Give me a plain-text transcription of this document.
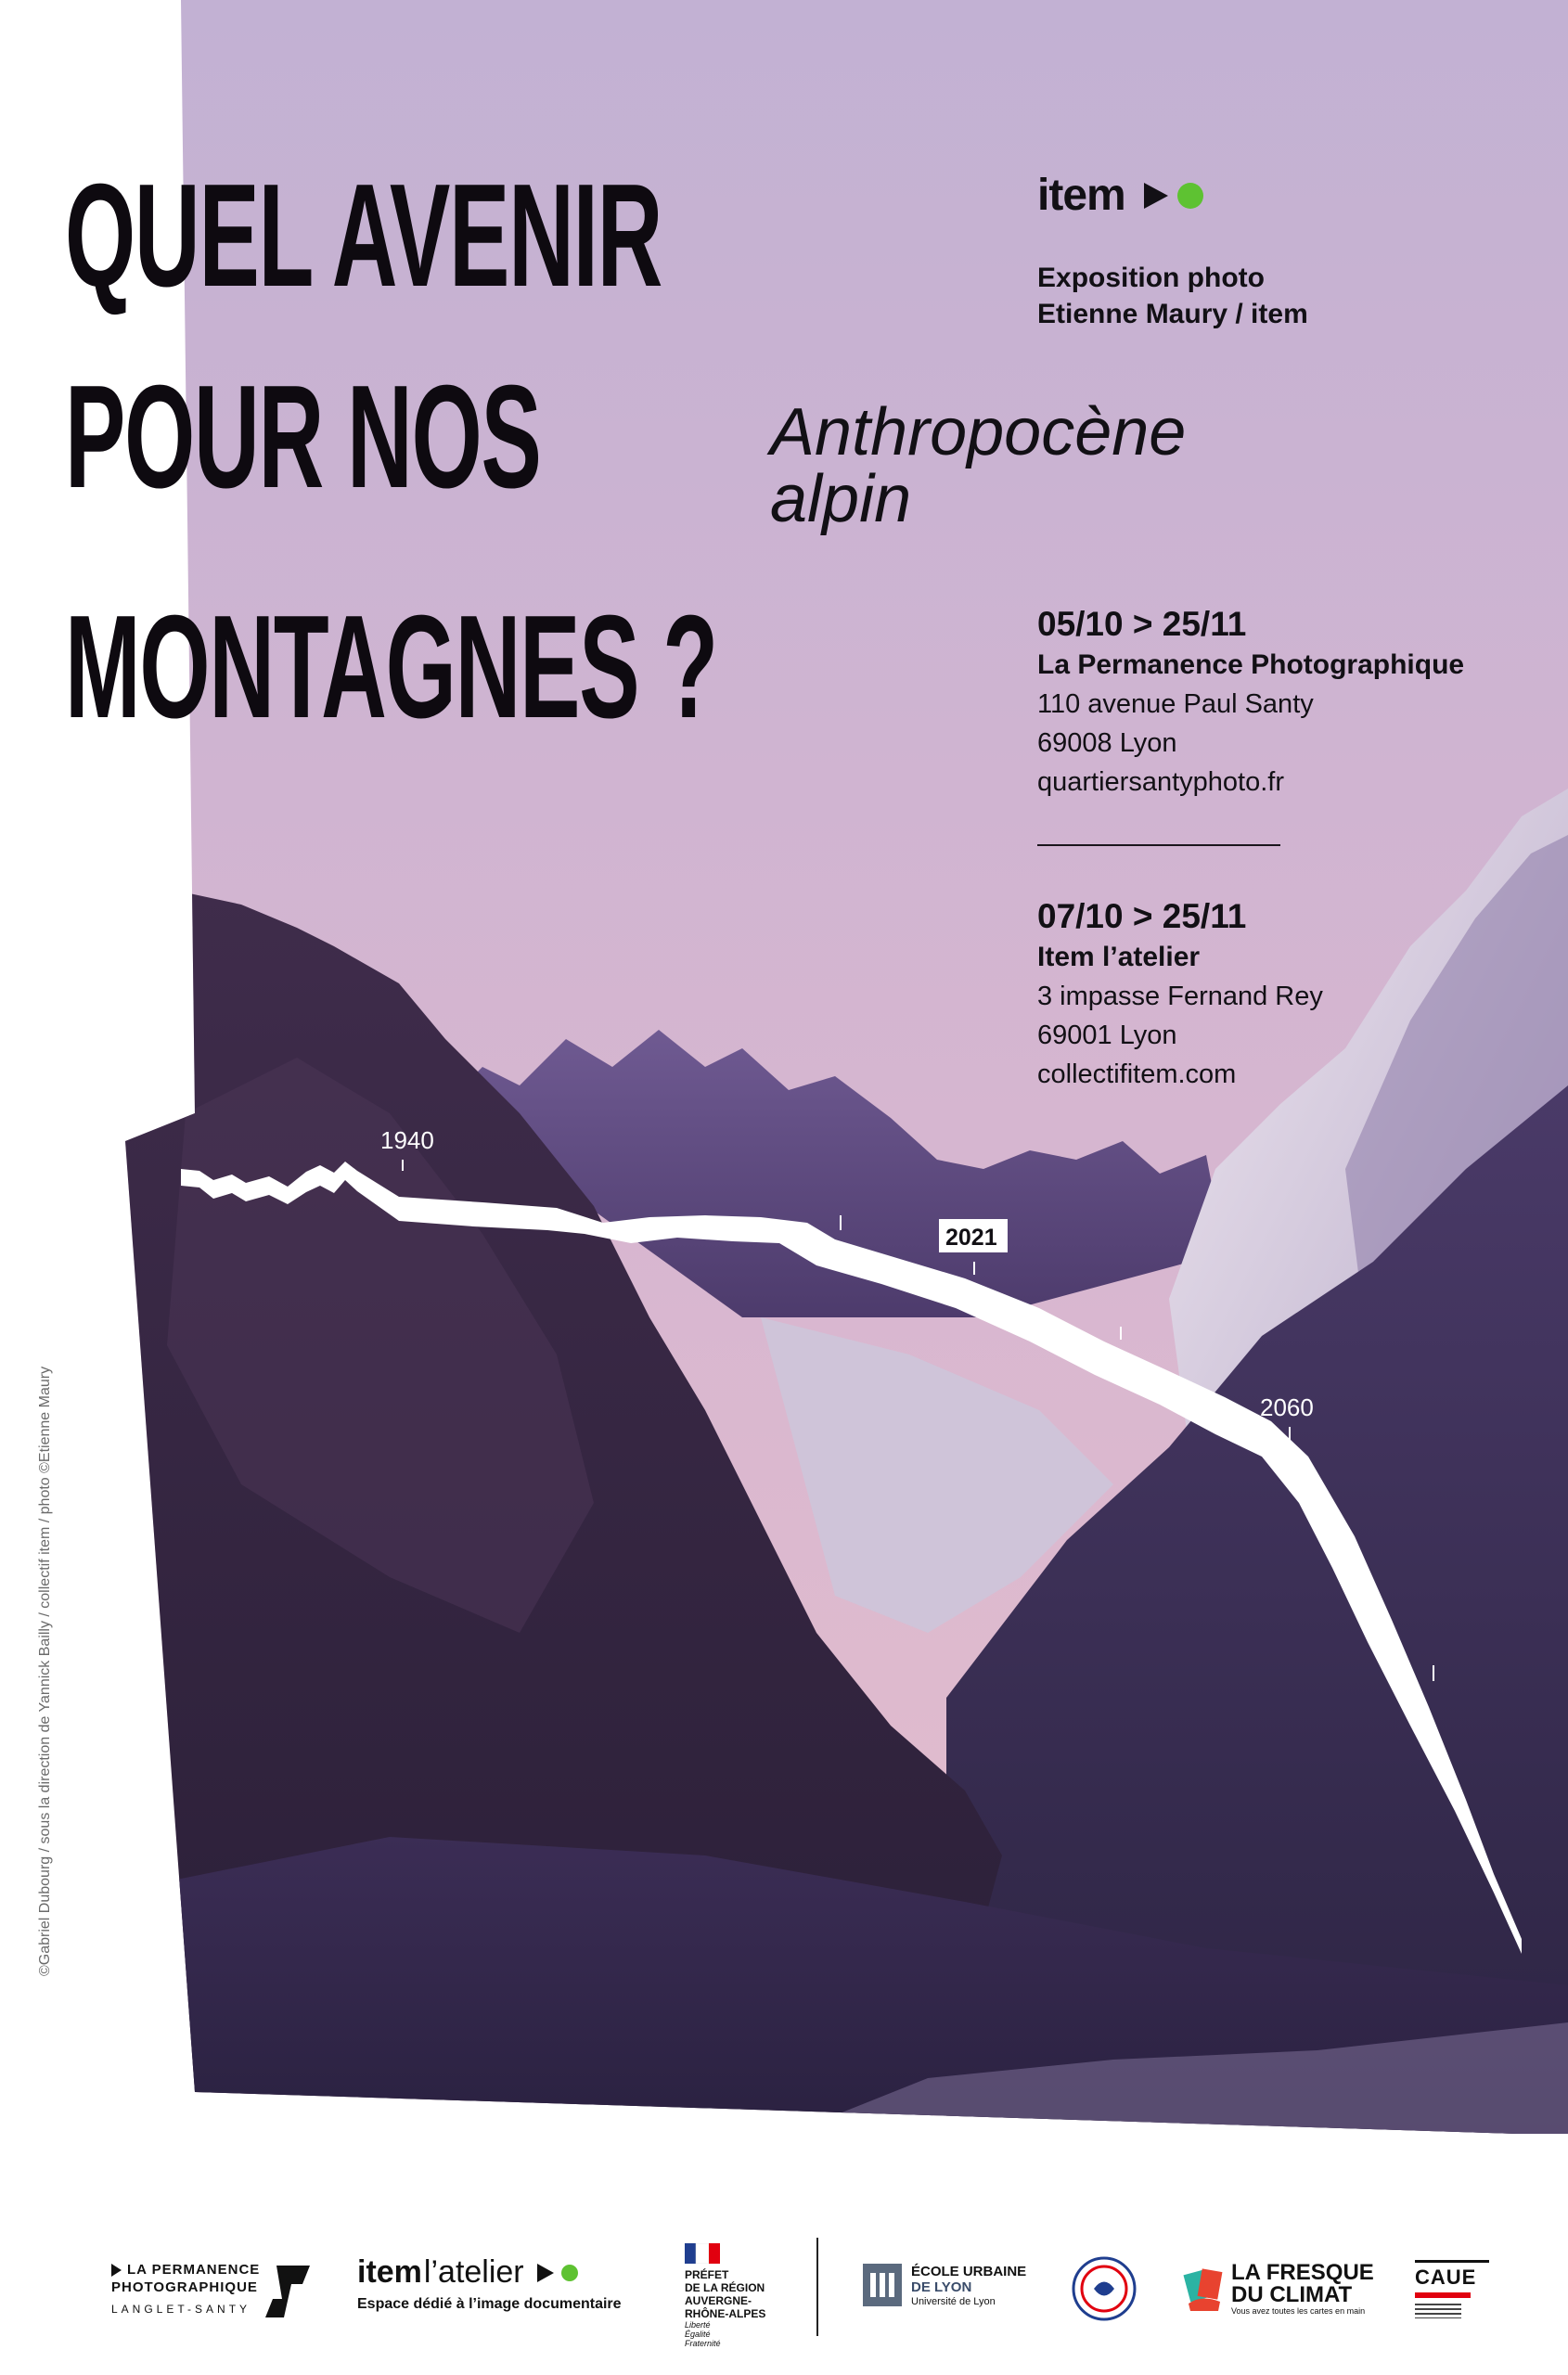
1940
2021
2060
QUEL AVENIR
POUR NOS
MONTAGNES ?
Anthropocène
alpin
item
Exposition photo
Etienne Maury / item
05/10 > 25/11
La Permanence Photographique
110 avenue Paul Santy
69008 Lyon
quartiersantyphoto.fr
07/10 > 25/11
Item l’atelier
3 impasse Fernand Rey
69001 Lyon
collectifitem.com
©Gabriel Dubourg / sous la direction de Yannick Bailly / collectif item / photo ©Etienne Maury
LA PERMANENCE
PHOTOGRAPHIQUE
LANGLET-SANTY
item l’atelier
Espace dédié à l’image documentaire
PRÉFET
DE LA RÉGION
AUVERGNE-
RHÔNE-ALPES
Liberté
Égalité
Fraternité
ÉCOLE URBAINE
DE LYON
Université de Lyon
LA FRESQUE
DU CLIMAT
Vous avez toutes les cartes en main
CAUE
